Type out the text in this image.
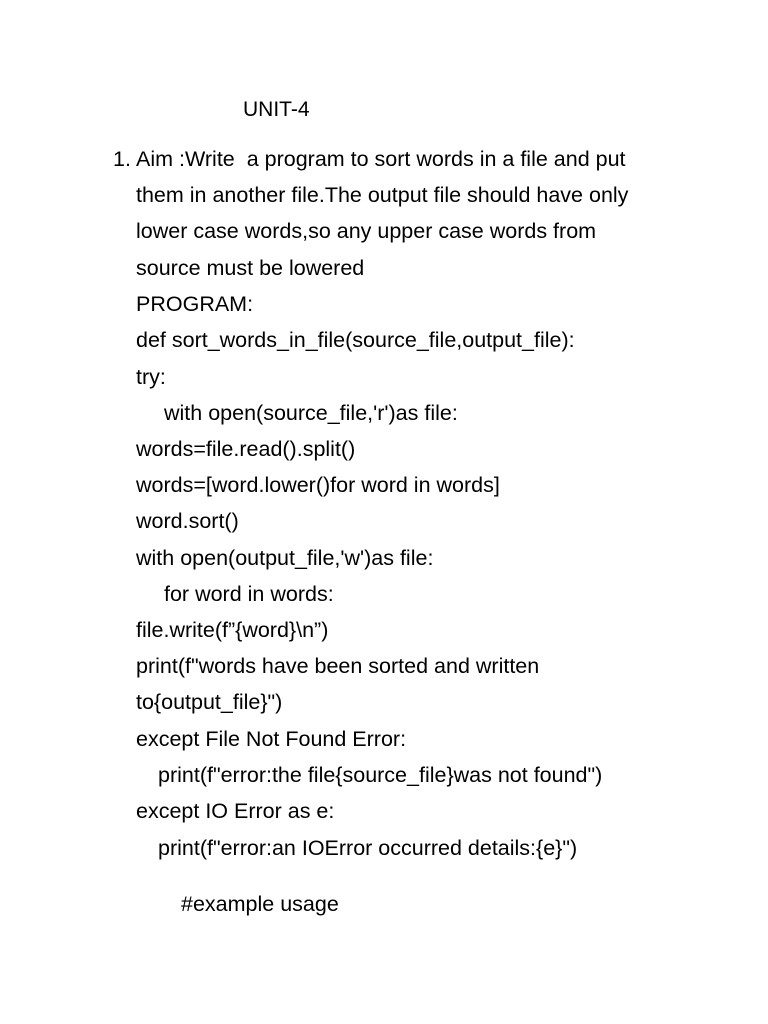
UNIT-4
1. Aim :Write  a program to sort words in a file and put
them in another file.The output file should have only
lower case words,so any upper case words from
source must be lowered
PROGRAM:
def sort_words_in_file(source_file,output_file):
try:
with open(source_file,'r')as file:
words=file.read().split()
words=[word.lower()for word in words]
word.sort()
with open(output_file,'w')as file:
for word in words:
file.write(f”{word}\n”)
print(f"words have been sorted and written
to{output_file}")
except File Not Found Error:
print(f"error:the file{source_file}was not found")
except IO Error as e:
print(f"error:an IOError occurred details:{e}")
#example usage
